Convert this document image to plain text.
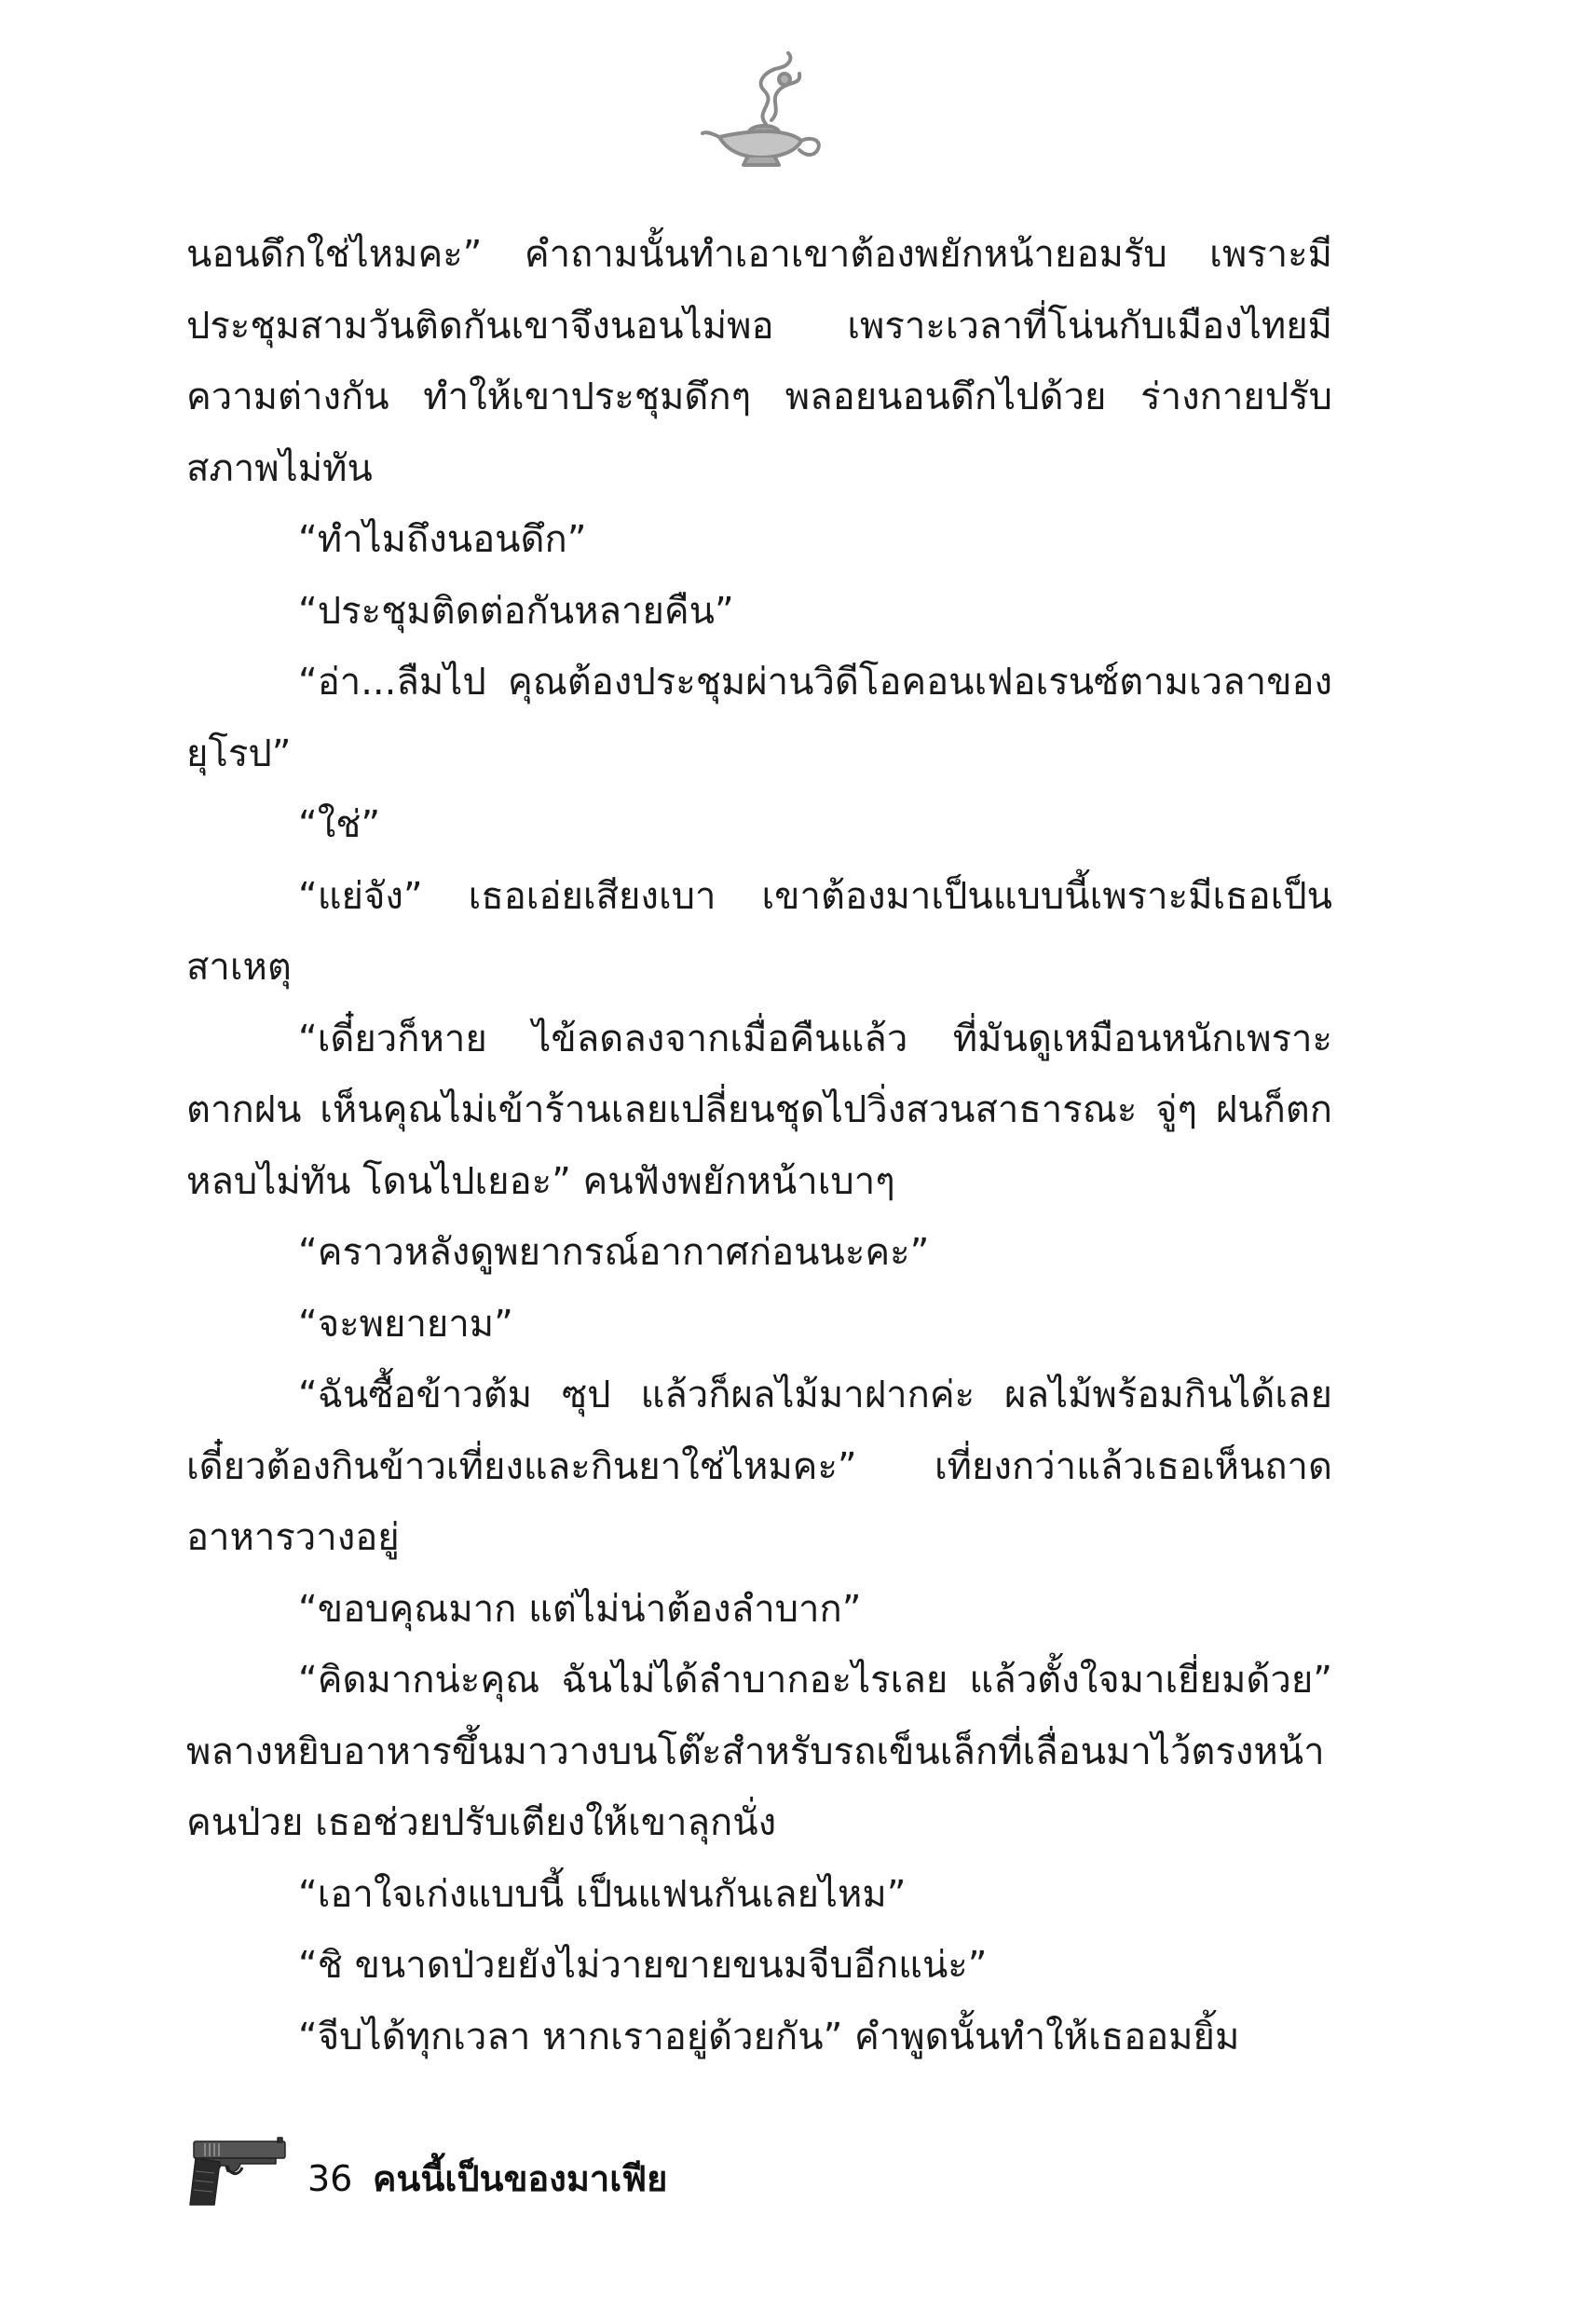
นอนดึกใช่ไหมคะ” คำถามนั้นทำเอาเขาต้องพยักหน้ายอมรับ เพราะมีประชุมสามวันติดกันเขาจึงนอนไม่พอ เพราะเวลาที่โน่นกับเมืองไทยมีความต่างกัน ทำให้เขาประชุมดึกๆ พลอยนอนดึกไปด้วย ร่างกายปรับสภาพไม่ทัน

“ทำไมถึงนอนดึก”

“ประชุมติดต่อกันหลายคืน”

“อ่า...ลืมไป คุณต้องประชุมผ่านวิดีโอคอนเฟอเรนซ์ตามเวลาของยุโรป”

“ใช่”

“แย่จัง” เธอเอ่ยเสียงเบา เขาต้องมาเป็นแบบนี้เพราะมีเธอเป็นสาเหตุ

“เดี๋ยวก็หาย ไข้ลดลงจากเมื่อคืนแล้ว ที่มันดูเหมือนหนักเพราะตากฝน เห็นคุณไม่เข้าร้านเลยเปลี่ยนชุดไปวิ่งสวนสาธารณะ จู่ๆ ฝนก็ตก หลบไม่ทัน โดนไปเยอะ” คนฟังพยักหน้าเบาๆ

“คราวหลังดูพยากรณ์อากาศก่อนนะคะ”

“จะพยายาม”

“ฉันซื้อข้าวต้ม ซุป แล้วก็ผลไม้มาฝากค่ะ ผลไม้พร้อมกินได้เลย เดี๋ยวต้องกินข้าวเที่ยงและกินยาใช่ไหมคะ” เที่ยงกว่าแล้วเธอเห็นถาดอาหารวางอยู่

“ขอบคุณมาก แต่ไม่น่าต้องลำบาก”

“คิดมากน่ะคุณ ฉันไม่ได้ลำบากอะไรเลย แล้วตั้งใจมาเยี่ยมด้วย” พลางหยิบอาหารขึ้นมาวางบนโต๊ะสำหรับรถเข็นเล็กที่เลื่อนมาไว้ตรงหน้าคนป่วย เธอช่วยปรับเตียงให้เขาลุกนั่ง

“เอาใจเก่งแบบนี้ เป็นแฟนกันเลยไหม”

“ชิ ขนาดป่วยยังไม่วายขายขนมจีบอีกแน่ะ”

“จีบได้ทุกเวลา หากเราอยู่ด้วยกัน” คำพูดนั้นทำให้เธออมยิ้ม

36 คนนี้เป็นของมาเฟีย
